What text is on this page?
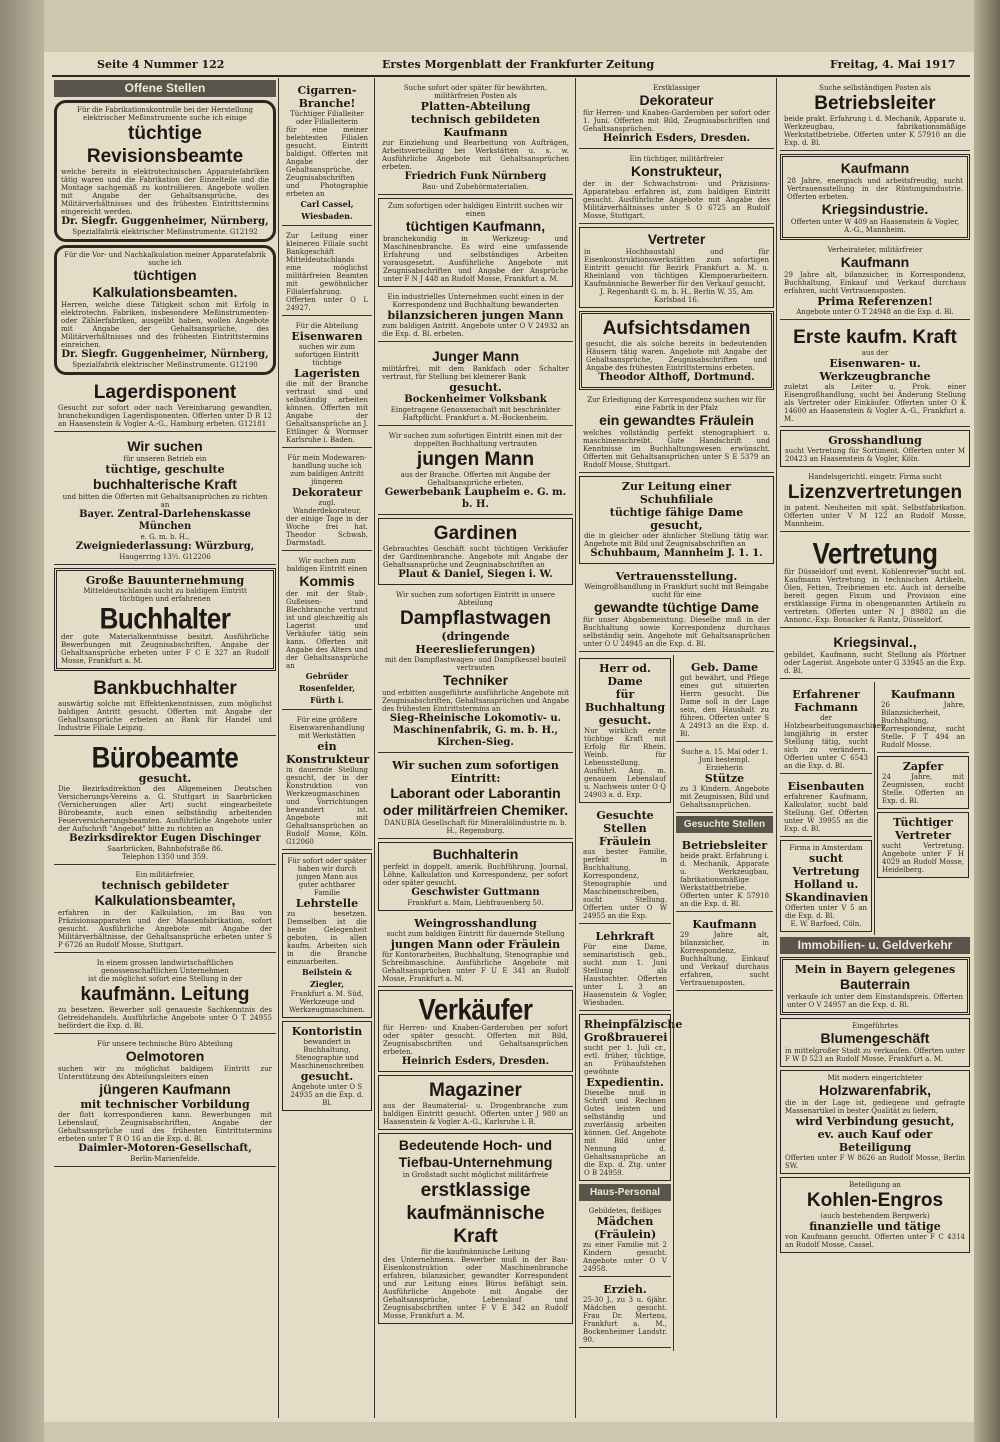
Seite 4 Nummer 122	Erstes Morgenblatt der Frankfurter Zeitung	Freitag, 4. Mai 1917
Offene Stellen
Für die Fabrikationskontrolle bei der Herstellung elektrischer Meßinstrumente suche ich einige
tüchtige Revisionsbeamte
welche bereits in elektrotechnischen Apparatefabriken tätig waren und die Fabrikation der Einzelteile und die Montage sachgemäß zu kontrollieren. Angebote wollen mit Angabe der Gehaltsansprüche, des Militärverhältnisses und des frühesten Eintrittstermins eingereicht werden.
Dr. Siegfr. Guggenheimer, Nürnberg,
Spezialfabrik elektrischer Meßinstrumente. G12192
Für die Vor- und Nachkalkulation meiner Apparatefabrik suche ich
tüchtigen Kalkulationsbeamten.
Herren, welche diese Tätigkeit schon mit Erfolg in elektrotechn. Fabriken, insbesondere Meßinstrumenten- oder Zählerfabriken, ausgeübt haben, wollen Angebote mit Angabe der Gehaltsansprüche, des Militärverhältnisses und des frühesten Eintrittstermins einreichen.
Dr. Siegfr. Guggenheimer, Nürnberg,
Spezialfabrik elektrischer Meßinstrumente. G12190
Lagerdisponent
Gesucht zur sofort oder nach Vereinbarung gewandten, branchekundigen Lagerdisponenten. Offerten unter D R 12 an Haasenstein & Vogler A.-G., Hamburg erbeten. G12181
Wir suchen
für unseren Betrieb ein
tüchtige, geschulte
buchhalterische Kraft
und bitten die Offerten mit Gehaltsansprüchen zu richten an
Bayer. Zentral-Darlehenskasse München
e. G. m. b. H.,
Zweigniederlassung: Würzburg,
Haugerring 13½. G12206
Große Bauunternehmung
Mitteldeutschlands sucht zu baldigem Eintritt
tüchtigen und erfahrenen
Buchhalter
der gute Materialkenntnisse besitzt. Ausführliche Bewerbungen mit Zeugnisabschriften, Angabe der Gehaltsansprüche erbeten unter F C E 327 an Rudolf Mosse, Frankfurt a. M.
Bankbuchhalter
auswärtig solche mit Effektenkenntnissen, zum möglichst baldigen Antritt gesucht. Offerten mit Angabe der Gehaltsansprüche erbeten an Bank für Handel und Industrie Filiale Leipzig.
Bürobeamte
gesucht.
Die Bezirksdirektion des Allgemeinen Deutschen Versicherungs-Vereins a. G. Stuttgart in Saarbrücken (Versicherungen aller Art) sucht eingearbeitete Bürobeamte, auch einen selbständig arbeitenden Feuerversicherungsbeamten. Ausführliche Angebote unter der Aufschrift "Angebot" bitte zu richten an
Bezirksdirektor Eugen Dischinger
Saarbrücken, Bahnhofstraße 86.
Telephon 1350 und 359.
Ein militärfreier,
technisch gebildeter
Kalkulationsbeamter,
erfahren in der Kalkulation, im Bau von Präzisionsapparaten und der Massenfabrikation, sofort gesucht. Ausführliche Angebote mit Angabe der Militärverhältnisse, der Gehaltsansprüche erbeten unter S P 6726 an Rudolf Mosse, Stuttgart.
In einem grossen landwirtschaftlichen genossenschaftlichen Unternehmen
ist die möglichst sofort eine Stellung in der
kaufmänn. Leitung
zu besetzen. Bewerber soll genaueste Sachkenntnis des Getreidehandels. Ausführliche Angebote unter O T 24955 befördert die Exp. d. Bl.
Für unsere technische Büro Abteilung
Oelmotoren
suchen wir zu möglichst baldigem Eintritt zur Unterstützung des Abteilungsleiters einen
jüngeren Kaufmann
mit technischer Vorbildung
der flott korrespondieren kann. Bewerbungen mit Lebenslauf, Zeugnisabschriften, Angabe der Gehaltsansprüche und des frühesten Eintrittstermins erbeten unter T B O 16 an die Exp. d. Bl.
Daimler-Motoren-Gesellschaft,
Berlin-Marienfelde.
Cigarren-Branche!
Tüchtiger Filialleiter
oder Filialleiterin
für eine meiner belebtesten Filialen gesucht. Eintritt baldigst. Offerten mit Angabe der Gehaltsansprüche, Zeugnisabschriften und Photographie erbeten an
Carl Cassel, Wiesbaden.
Zur Leitung einer kleineren Filiale sucht Bankgeschäft Mitteldeutschlands eine möglichst militärfreien Beamten mit gewöhnlicher Filialerfahrung. Offerten unter O L 24927.
Für die Abteilung
Eisenwaren
suchen wir zum sofortigen Eintritt tüchtige
Lageristen
die mit der Branche vertraut sind und selbständig arbeiten können. Offerten mit Angabe der Gehaltsansprüche an J. Ettlinger & Wormser Karlsruhe i. Baden.
Für mein Modewaren-handlung suche ich zum baldigen Antritt jüngeren
Dekorateur
zugl. Wanderdekorateur,
der einige Tage in der Woche frei hat. Theodor Schwab, Darmstadt.
Wir suchen zum baldigen Eintritt einen
Kommis
der mit der Stab-, Gußeisen- und Blechbranche vertraut ist und gleichzeitig als Lagerist und Verkäufer tätig sein kann. Offerten mit Angabe des Alters und der Gehaltsansprüche an
Gebrüder Rosenfelder, Fürth i.
Für eine größere Eisenwarenhandlung mit Werkstätten
ein Konstrukteur
in dauernde Stellung gesucht, der in der Konstruktion von Werkzeugmaschinen und Vorrichtungen bewandert ist. Angebote mit Gehaltsansprüchen an Rudolf Mosse, Köln. G12060
Für sofort oder später haben wir durch jungen Mann aus guter achtbarer Familie
Lehrstelle
zu besetzen. Demselben ist die beste Gelegenheit geboten, in allen kaufm. Arbeiten sich in die Branche einzuarbeiten.
Beilstein & Ziegler,
Frankfurt a. M. Süd, Werkzeuge und Werkzeugmaschinen.
Kontoristin
bewandert in Buchhaltung, Stenographie und Maschinenschreiben
gesucht.
Angebote unter O S 24935 an die Exp. d. Bl.
Suche sofort oder später für bewährten, militärfreien Posten als
Platten-Abteilung
technisch gebildeten Kaufmann
zur Einziehung und Bearbeitung von Aufträgen, Arbeitsverteilung bei Werkstätten u. s. w. Ausführliche Angebote mit Gehaltsansprüchen erbeten.
Friedrich Funk Nürnberg
Bau- und Zubehörmaterialien.
Zum sofortigen oder baldigen Eintritt suchen wir einen
tüchtigen Kaufmann,
branchekundig in Werkzeug- und Maschinenbranche. Es wird eine umfassende Erfahrung und selbständiges Arbeiten vorausgesetzt. Ausführliche Angebote mit Zeugnisabschriften und Angabe der Ansprüche unter F N J 448 an Rudolf Mosse, Frankfurt a. M.
Ein industrielles Unternehmen sucht einen in der Korrespondenz und Buchhaltung bewanderten
bilanzsicheren jungen Mann
zum baldigen Antritt. Angebote unter O V 24932 an die Exp. d. Bl. erbeten.
Junger Mann
militärfrei, mit dem Bankfach oder Schalter vertraut, für Stellung bei kleinerer Bank
gesucht.
Bockenheimer Volksbank
Eingetragene Genossenschaft mit beschränkter Haftpflicht. Frankfurt a. M.-Bockenheim.
Wir suchen zum sofortigen Eintritt einen mit der doppelten Buchhaltung vertrauten
jungen Mann
aus der Branche. Offerten mit Angabe der Gehaltsansprüche erbeten.
Gewerbebank Laupheim e. G. m. b. H.
Gardinen
Gebrauchtes Geschäft sucht tüchtigen Verkäufer der Gardinenbranche. Angebote mit Angabe der Gehaltsansprüche und Zeugnisabschriften an
Plaut & Daniel, Siegen i. W.
Wir suchen zum sofortigen Eintritt in unsere Abteilung
Dampflastwagen
(dringende Heereslieferungen)
mit den Dampflastwagen- und Dampfkessel bauteil vertrauten
Techniker
und erbitten ausgeführte ausführliche Angebote mit Zeugnisabschriften, Gehaltsansprüchen und Angabe des frühesten Eintrittstermins an
Sieg-Rheinische Lokomotiv- u. Maschinenfabrik, G. m. b. H., Kirchen-Sieg.
Wir suchen zum sofortigen Eintritt:
Laborant oder Laborantin
oder militärfreien Chemiker.
DANUBIA Gesellschaft für Mineralölindustrie m. b. H., Regensburg.
Buchhalterin
perfekt in doppelt. amerik. Buchführung, Journal, Löhne, Kalkulation und Korrespondenz, per sofort oder später gesucht.
Geschwister Guttmann
Frankfurt a. Main, Liebfrauenberg 50.
Weingrosshandlung
sucht zum baldigen Eintritt für dauernde Stellung
jungen Mann oder Fräulein
für Kontorarbeiten, Buchhaltung, Stenographie und Schreibmaschine. Ausführliche Angebote mit Gehaltsansprüchen unter F U E 341 an Rudolf Mosse, Frankfurt a. M.
Verkäufer
für Herren- und Knaben-Garderoben per sofort oder später gesucht. Offerten mit Bild, Zeugnisabschriften und Gehaltsansprüchen erbeten.
Heinrich Esders, Dresden.
Magaziner
aus der Baumaterial- u. Drogenbranche zum baldigen Eintritt gesucht. Offerten unter J 980 an Haasenstein & Vogler A.-G., Karlsruhe i. B.
Bedeutende Hoch- und Tiefbau-Unternehmung
in Großstadt sucht möglichst militärfreie
erstklassige kaufmännische Kraft
für die kaufmännische Leitung
des Unternehmens. Bewerber muß in der Bau- Eisenkonstruktion oder Maschinenbranche erfahren, bilanzsicher, gewandter Korrespondent und zur Leitung eines Büros befähigt sein. Ausführliche Angebote mit Angabe der Gehaltsansprüche, Lebenslauf und Zeugnisabschriften unter F V E 342 an Rudolf Mosse, Frankfurt a. M.
Erstklassiger
Dekorateur
für Herren- und Knaben-Garderoben per sofort oder 1. Juni. Offerten mit Bild, Zeugnisabschriften und Gehaltsansprüchen.
Heinrich Esders, Dresden.
Ein tüchtiger, militärfreier
Konstrukteur,
der in der Schwachstrom- und Präzisions-Apparatebau erfahren ist, zum baldigen Eintritt gesucht. Ausführliche Angebote mit Angabe des Militärverhältnisses unter S O 6725 an Rudolf Mosse, Stuttgart.
Vertreter
in Hochbaustahl und für Eisenkonstruktionswerkstätten zum sofortigen Eintritt gesucht für Bezirk Frankfurt a. M. u. Rheinland von tüchtigen Klempnerarbeitern. Kaufmännische Bewerber für den Verkauf gesucht.
J. Regenhardt G. m. b. H., Berlin W. 35, Am Karlsbad 16.
Aufsichtsdamen
gesucht, die als solche bereits in bedeutenden Häusern tätig waren. Angebote mit Angabe der Gehaltsansprüche, Zeugnisabschriften und Angabe des frühesten Eintrittstermins erbeten.
Theodor Althoff, Dortmund.
Zur Erledigung der Korrespondenz suchen wir für eine Fabrik in der Pfalz
ein gewandtes Fräulein
welches vollständig perfekt stenographiert u. maschinenschreibt. Gute Handschrift und Kenntnisse im Buchhaltungswesen erwünscht. Offerten mit Gehaltsansprüchen unter S E 5379 an Rudolf Mosse, Stuttgart.
Zur Leitung einer Schuhfiliale
tüchtige fähige Dame gesucht,
die in gleicher oder ähnlicher Stellung tätig war. Angebote mit Bild und Zeugnisabschriften an
Schuhbaum, Mannheim J. 1. 1.
Vertrauensstellung.
Weingroßhandlung in Frankfurt sucht mit Beingabe sucht für eine
gewandte tüchtige Dame
für unser Abgabemeistung. Dieselbe muß in der Buchhaltung sowie Korrespondenz durchaus selbständig sein. Angebote mit Gehaltsansprüchen unter O U 24945 an die Exp. d. Bl.
Herr od. Dame
für Buchhaltung gesucht.
Nur wirklich erste tüchtige Kraft mit Erfolg für Rhein. Weinb. für Lebensstellung. Ausführl. Ang. m. genauem Lebenslauf u. Nachweis unter O Q 24903 a. d. Exp.
Gesuchte Stellen
Fräulein
aus bester Familie, perfekt in Buchhaltung, Korrespondenz, Stenographie und Maschinenschreiben, sucht Stellung. Offerten unter O W 24955 an die Exp.
Lehrkraft
Für eine Dame, seminaristisch geb., sucht zum 1. Juni Stellung als Haustochter. Offerten unter L 3 an Haasenstein & Vogler, Wiesbaden.
Rheinpfälzische Großbrauerei
sucht per 1. Juli cr., evtl. früher, tüchtige, an Frühaufstehen gewöhnte
Expedientin.
Dieselbe muß in Schrift und Rechnen Gutes leisten und selbständig und zuverlässig arbeiten können. Gef. Angebote mit Bild unter Nennung d. Gehaltsansprüche an die Exp. d. Ztg. unter O B 24959.
Haus-Personal
Gebildetes, fleißiges
Mädchen (Fräulein)
zu einer Familie mit 2 Kindern gesucht. Angebote unter O V 24958.
Erzieh.
25-30 J., zu 3 u. 6jähr. Mädchen gesucht. Frau Dr. Mertens, Frankfurt a. M., Bockenheimer Landstr. 90.
Geb. Dame
gut bewährt, und Pflege eines gut situierten Herrn gesucht. Die Dame soll in der Lage sein, den Haushalt zu führen. Offerten unter S A 24913 an die Exp. d. Bl.
Suche a. 15. Mai oder 1. Juni bestempl. Erzieherin
Stütze
zu 3 Kindern. Angebote mit Zeugnissen, Bild und Gehaltsansprüchen.
Gesuchte Stellen
Betriebsleiter
beide prakt. Erfahrung i. d. Mechanik, Apparate u. Werkzeugbau, fabrikationsmäßige Werkstattbetriebe. Offerten unter K 57910 an die Exp. d. Bl.
Kaufmann
29 Jahre alt, bilanzsicher, in Korrespondenz, Buchhaltung, Einkauf und Verkauf durchaus erfahren, sucht Vertrauensposten.
Suche selbständigen Posten als
Betriebsleiter
beide prakt. Erfahrung i. d. Mechanik, Apparate u. Werkzeugbau, fabrikationsmäßige Werkstattbetriebe. Offerten unter K 57910 an die Exp. d. Bl.
Kaufmann
28 Jahre, energisch und arbeitsfreudig, sucht Vertrauensstellung in der Rüstungsindustrie. Offerten erbeten.
Kriegsindustrie.
Offerten unter W 409 an Haasenstein & Vogler, A.-G., Mannheim.
Verheirateter, militärfreier
Kaufmann
29 Jahre alt, bilanzsicher, in Korrespondenz, Buchhaltung, Einkauf und Verkauf durchaus erfahren, sucht Vertrauensposten.
Prima Referenzen!
Angebote unter O T 24948 an die Exp. d. Bl.
Erste kaufm. Kraft
aus der
Eisenwaren- u. Werkzeugbranche
zuletzt als Leiter u. Prok. einer Eisengroßhandlung, sucht bei Änderung Stellung als Vertreter oder Einkäufer. Offerten unter O K 14600 an Haasenstein & Vogler A.-G., Frankfurt a. M.
Grosshandlung
sucht Vertretung für Sortiment. Offerten unter M 20423 an Haasenstein & Vogler, Köln.
Handelsgerichtl. eingetr. Firma sucht
Lizenzvertretungen
in patent. Neuheiten mit spät. Selbstfabrikation. Offerten unter V M 122 an Rudolf Mosse, Mannheim.
Vertretung
für Düsseldorf und event. Kohlenrevier sucht sol. Kaufmann Vertretung in technischen Artikeln, Ölen, Fetten, Treibriemen etc. Auch ist derselbe bereit gegen Fixum und Provision eine erstklassige Firma in obengenannten Artikeln zu vertreten. Offerten unter N J 89802 an die Annonc.-Exp. Bonacker & Rantz, Düsseldorf.
Kriegsinval.,
gebildet, Kaufmann, sucht Stellung als Pförtner oder Lagerist. Angebote unter G 33945 an die Exp. d. Bl.
Erfahrener Fachmann
der Holzbearbeitungsmaschinen
langjährig in erster Stellung tätig, sucht sich zu verändern. Offerten unter C 6543 an die Exp. d. Bl.
Eisenbauten
erfahrener Kaufmann, Kalkulator, sucht bald Stellung. Gef. Offerten unter W 39955 an die Exp. d. Bl.
Firma in Amsterdam
sucht Vertretung
Holland u. Skandinavien
Offerten unter V 5 an die Exp. d. Bl.
E. W. Barfoed, Cöln.
Kaufmann
26 Jahre, Bilanzsicherheit, Buchhaltung, Korrespondenz, sucht Stelle. F T 494 an Rudolf Mosse.
Zapfer
24 Jahre, mit Zeugnissen, sucht Stelle. Offerten an Exp. d. Bl.
Tüchtiger Vertreter
sucht Vertretung. Angebote unter F H 4029 an Rudolf Mosse, Heidelberg.
Immobilien- u. Geldverkehr
Mein in Bayern gelegenes
Bauterrain
verkaufe ich unter dem Einstandspreis. Offerten unter O V 24957 an die Exp. d. Bl.
Eingeführtes
Blumengeschäft
in mittelgroßer Stadt zu verkaufen. Offerten unter F W D 523 an Rudolf Mosse, Frankfurt a. M.
Mit modern eingerichteter
Holzwarenfabrik,
die in der Lage ist, gediegene und gefragte Massenartikel in bester Qualität zu liefern,
wird Verbindung gesucht,
ev. auch Kauf oder Beteiligung
Offerten unter F W 8626 an Rudolf Mosse, Berlin SW.
Beteiligung an
Kohlen-Engros
(auch bestehendem Bergwerk)
finanzielle und tätige
von Kaufmann gesucht. Offerten unter F C 4314 an Rudolf Mosse, Cassel.
